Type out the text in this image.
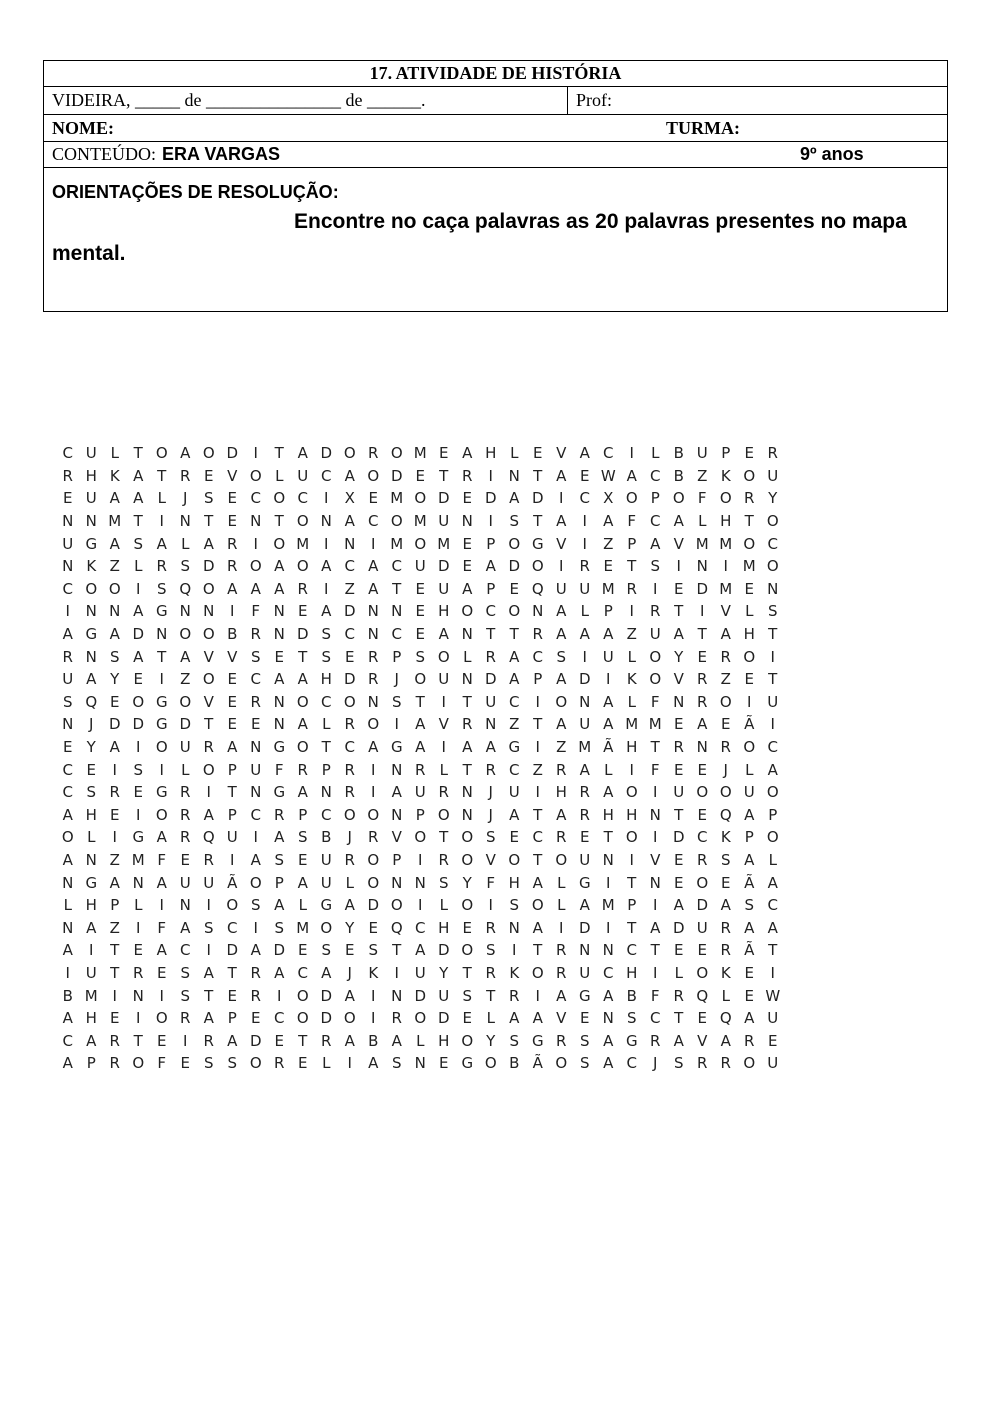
17. ATIVIDADE DE HISTÓRIA
VIDEIRA, _____ de _______________ de ______.	Prof:
NOME:	TURMA:

CONTEÚDO: ERA VARGAS	9º anos

ORIENTAÇÕES DE RESOLUÇÃO:
Encontre no caça palavras as 20 palavras presentes no mapa mental.
C U L T O A O D	I	T A D O R O M E A H L E V A C	I	L B U P E R
R H K A T R E V O L U C A O D E T R	I	N T A E W A C B Z K O U
E U A A L	J	S E C O C	I	X E M O D E D A D	I	C X O P O F O R Y
N N M T	I	N T E N T O N A C O M U N	I	S T A	I	A F C A L H T O
U G A S A L A R	I	O M I	N	I M O M E P O G V	I	Z P A V M M O C
N K Z L R S D R O A O A C A C U D E A D O	I	R E T S	I	N	I M O
C O O	I	S Q O A A A R	I	Z A T E U A P E Q U U M R	I	E D M E N
I	N N A G N N	I	F N E A D N N E H O C O N A L P	I	R T	I	V L S
A G A D N O O B R N D S C N C E A N T T R A A A Z U A T A H T
R N S A T A V V S E T S E R P S O L R A C S	I	U L O Y E R O	I
U A Y E	I	Z O E C A A H D R	J	O U N D A P A D	I	K O V R Z E T
S Q E O G O V E R N O C O N S T	I	T U C	I	O N A L	F N R O	I	U
N	J	D D G D T E E N A L R O	I	A V R N Z T A U A M M E A E Ã	I
E Y A	I	O U R A N G O T C A G A	I	A A G	I	Z M Ã H T R N R O C
C E	I	S	I	L O P U F R P R	I	N R L T R C Z R A L	I	F E E	J	L A
C S R E G R	I	T N G A N R	I	A U R N	J	U	I	H R A O	I	U O O U O
A H E	I	O R A P C R P C O O N P O N	J	A T A R H H N T E Q A P
O L	I	G A R Q U	I	A S B	J	R V O T O S E C R E T O	I	D C K P O
A N Z M F E R	I	A S E U R O P	I	R O V O T O U N	I	V E R S A L
N G A N A U U Ã O P A U L O N N S Y F H A L G	I	T N E O E Ã A
L H P L	I	N	I	O S A L G A D O	I	L O	I	S O L A M P	I	A D A S C
N A Z	I	F A S C	I	S M O Y E Q C H E R N A	I	D	I	T A D U R A A
A	I	T E A C	I	D A D E S E S T A D O S	I	T R N N C T E E R Ã T
I	U T R E S A T R A C A	J	K	I	U Y T R K O R U C H	I	L O K E	I
B M I	N	I	S T E R	I	O D A	I	N D U S T R	I	A G A B F R Q L E W
A H E	I	O R A P E C O D O	I	R O D E L A A V E N S C T E Q A U
C A R T E	I	R A D E T R A B A L H O Y S G R S A G R A V A R E
A P R O F E S S O R E L	I	A S N E G O B Ã O S A C	J	S R R O U
